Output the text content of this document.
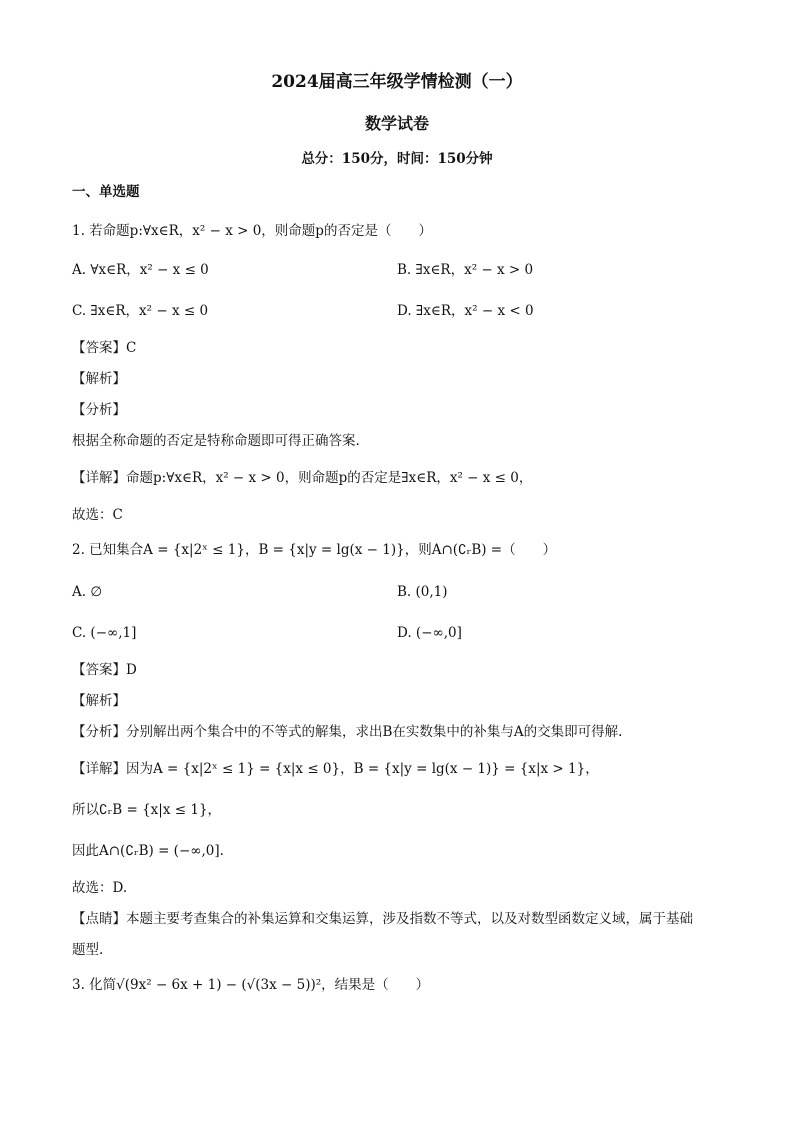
2024届高三年级学情检测（一）
数学试卷
总分：150分，时间：150分钟
一、单选题
1. 若命题p:∀x∈R，x² − x > 0，则命题p的否定是（　　）
A. ∀x∈R，x² − x ≤ 0	B. ∃x∈R，x² − x > 0
C. ∃x∈R，x² − x ≤ 0	D. ∃x∈R，x² − x < 0
【答案】C
【解析】
【分析】
根据全称命题的否定是特称命题即可得正确答案.
【详解】命题p:∀x∈R，x² − x > 0，则命题p的否定是∃x∈R，x² − x ≤ 0，
故选：C
2. 已知集合A = {x|2ˣ ≤ 1}，B = {x|y = lg(x − 1)}，则A∩(∁ᵣB) =（　　）
A. ∅	B. (0,1)
C. (−∞,1]	D. (−∞,0]
【答案】D
【解析】
【分析】分别解出两个集合中的不等式的解集，求出B在实数集中的补集与A的交集即可得解.
【详解】因为A = {x|2ˣ ≤ 1} = {x|x ≤ 0}，B = {x|y = lg(x − 1)} = {x|x > 1}，
所以∁ᵣB = {x|x ≤ 1}，
因此A∩(∁ᵣB) = (−∞,0].
故选：D.
【点睛】本题主要考查集合的补集运算和交集运算，涉及指数不等式，以及对数型函数定义域，属于基础
题型.
3. 化简√(9x² − 6x + 1) − (√(3x − 5))²，结果是（　　）
